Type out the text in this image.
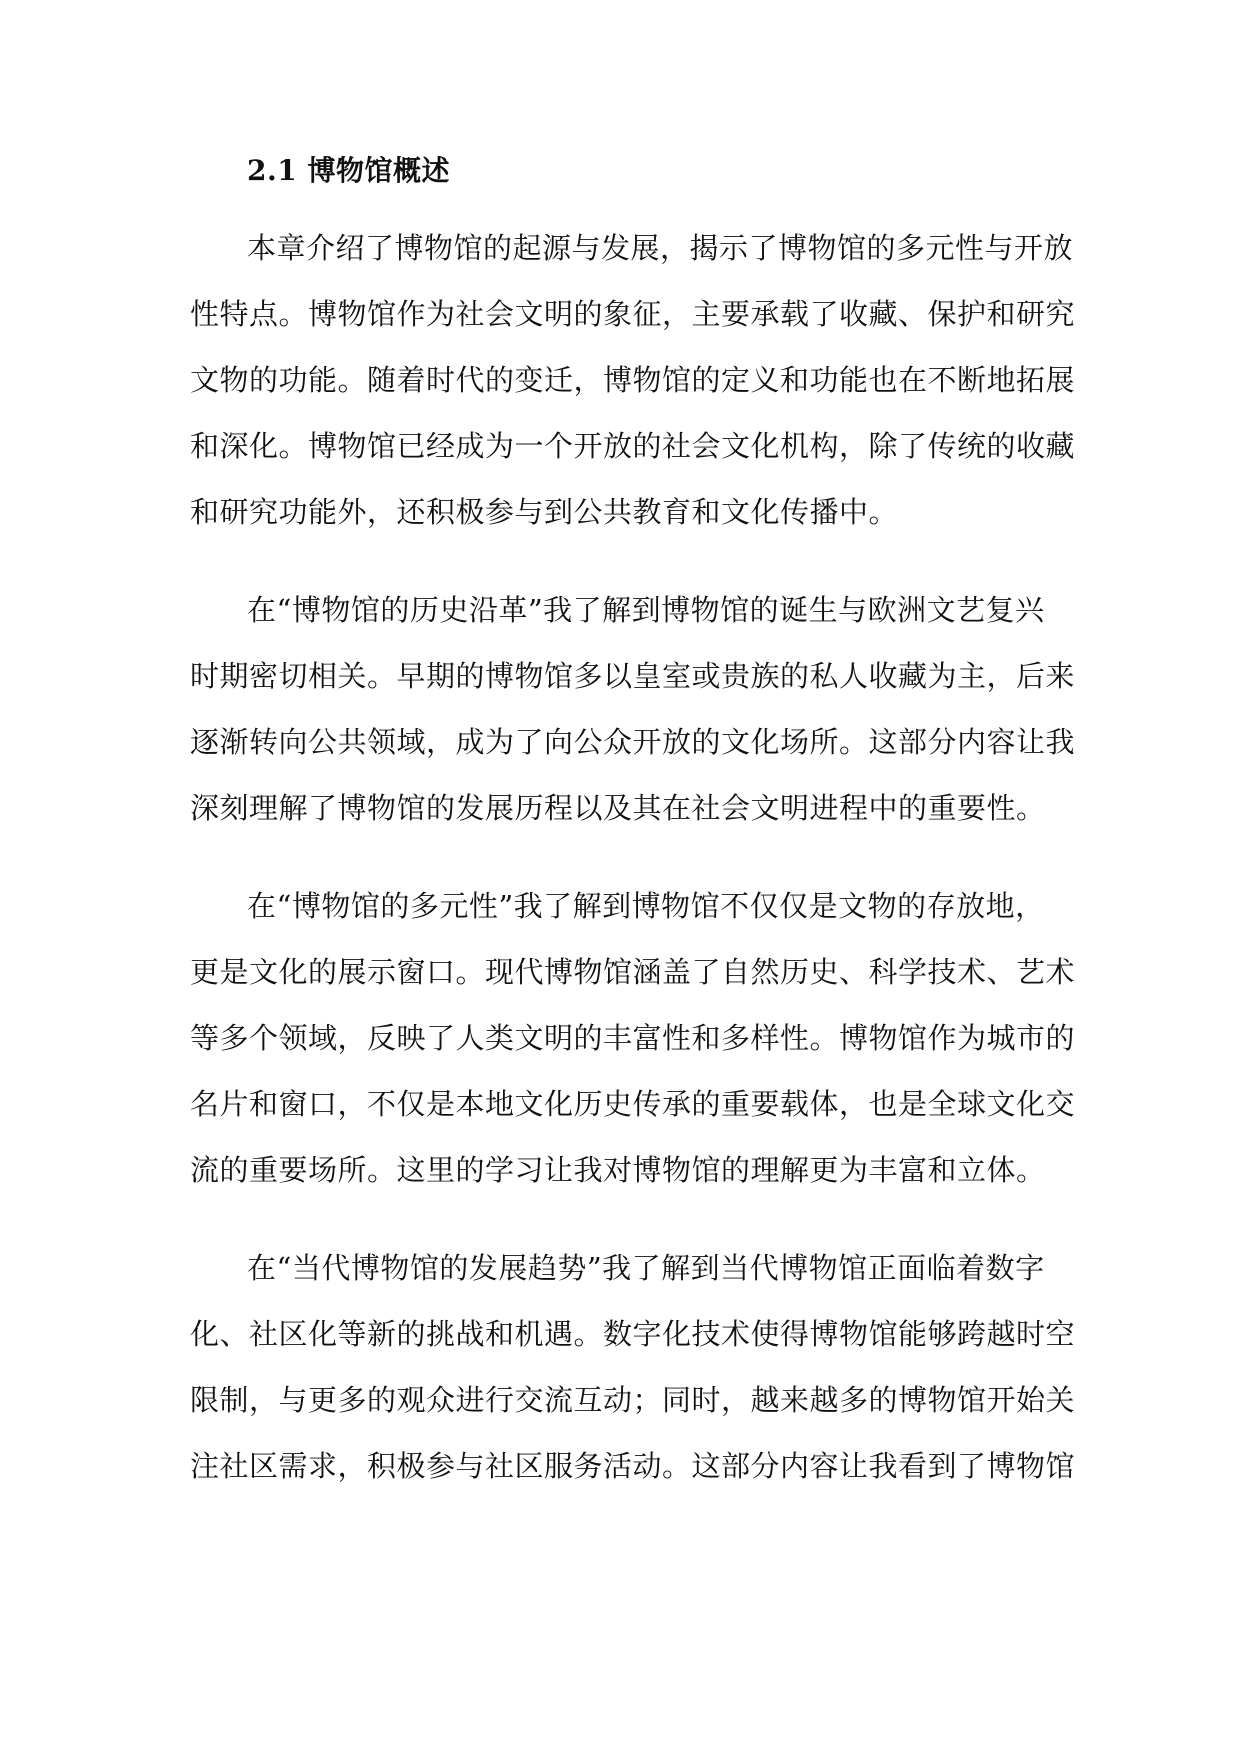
2.1 博物馆概述
本章介绍了博物馆的起源与发展，揭示了博物馆的多元性与开放
性特点。博物馆作为社会文明的象征，主要承载了收藏、保护和研究
文物的功能。随着时代的变迁，博物馆的定义和功能也在不断地拓展
和深化。博物馆已经成为一个开放的社会文化机构，除了传统的收藏
和研究功能外，还积极参与到公共教育和文化传播中。
在“博物馆的历史沿革”我了解到博物馆的诞生与欧洲文艺复兴
时期密切相关。早期的博物馆多以皇室或贵族的私人收藏为主，后来
逐渐转向公共领域，成为了向公众开放的文化场所。这部分内容让我
深刻理解了博物馆的发展历程以及其在社会文明进程中的重要性。
在“博物馆的多元性”我了解到博物馆不仅仅是文物的存放地，
更是文化的展示窗口。现代博物馆涵盖了自然历史、科学技术、艺术
等多个领域，反映了人类文明的丰富性和多样性。博物馆作为城市的
名片和窗口，不仅是本地文化历史传承的重要载体，也是全球文化交
流的重要场所。这里的学习让我对博物馆的理解更为丰富和立体。
在“当代博物馆的发展趋势”我了解到当代博物馆正面临着数字
化、社区化等新的挑战和机遇。数字化技术使得博物馆能够跨越时空
限制，与更多的观众进行交流互动；同时，越来越多的博物馆开始关
注社区需求，积极参与社区服务活动。这部分内容让我看到了博物馆
